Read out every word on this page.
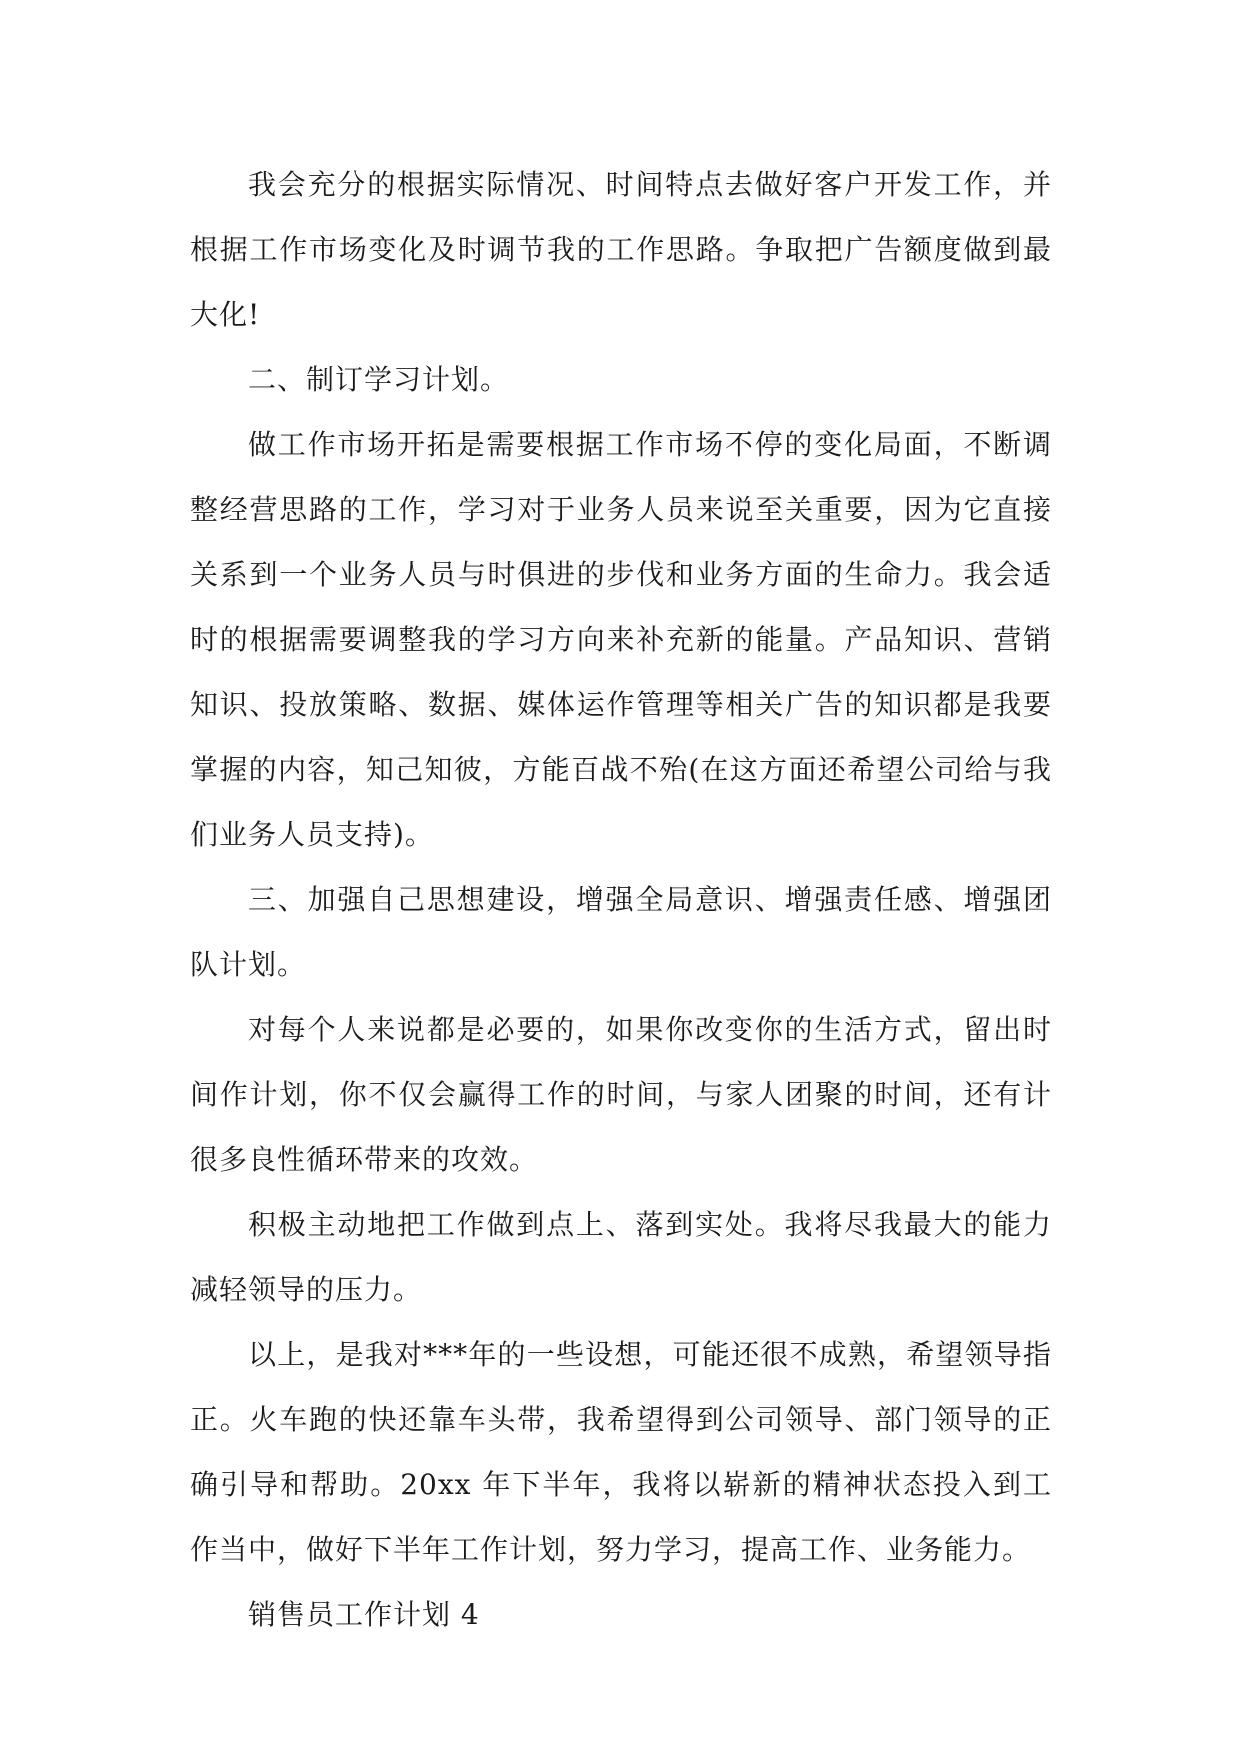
我会充分的根据实际情况、时间特点去做好客户开发工作，并根据工作市场变化及时调节我的工作思路。争取把广告额度做到最大化!

二、制订学习计划。

做工作市场开拓是需要根据工作市场不停的变化局面，不断调整经营思路的工作，学习对于业务人员来说至关重要，因为它直接关系到一个业务人员与时俱进的步伐和业务方面的生命力。我会适时的根据需要调整我的学习方向来补充新的能量。产品知识、营销知识、投放策略、数据、媒体运作管理等相关广告的知识都是我要掌握的内容，知己知彼，方能百战不殆(在这方面还希望公司给与我们业务人员支持)。

三、加强自己思想建设，增强全局意识、增强责任感、增强团队计划。

对每个人来说都是必要的，如果你改变你的生活方式，留出时间作计划，你不仅会赢得工作的时间，与家人团聚的时间，还有计很多良性循环带来的攻效。

积极主动地把工作做到点上、落到实处。我将尽我最大的能力减轻领导的压力。

以上，是我对***年的一些设想，可能还很不成熟，希望领导指正。火车跑的快还靠车头带，我希望得到公司领导、部门领导的正确引导和帮助。20xx 年下半年，我将以崭新的精神状态投入到工作当中，做好下半年工作计划，努力学习，提高工作、业务能力。

销售员工作计划 4
